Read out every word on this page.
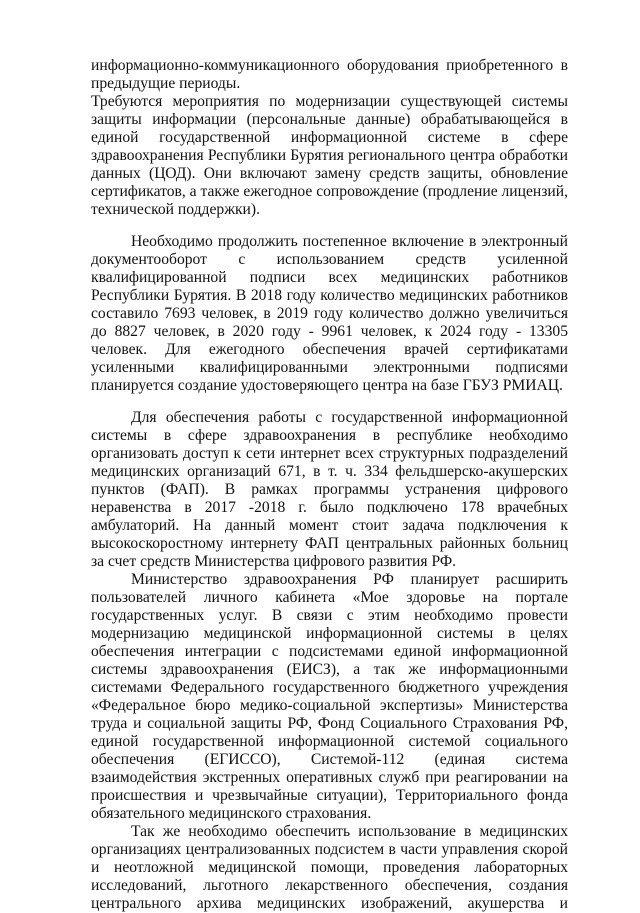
информационно-коммуникационного оборудования приобретенного в предыдущие периоды.

Требуются мероприятия по модернизации существующей системы защиты информации (персональные данные) обрабатывающейся в единой государственной информационной системе в сфере здравоохранения Республики Бурятия регионального центра обработки данных (ЦОД). Они включают замену средств защиты, обновление сертификатов, а также ежегодное сопровождение (продление лицензий, технической поддержки).

Необходимо продолжить постепенное включение в электронный документооборот с использованием средств усиленной квалифицированной подписи всех медицинских работников Республики Бурятия. В 2018 году количество медицинских работников составило 7693 человек, в 2019 году количество должно увеличиться до 8827 человек, в 2020 году - 9961 человек, к 2024 году - 13305 человек. Для ежегодного обеспечения врачей сертификатами усиленными квалифицированными электронными подписями планируется создание удостоверяющего центра на базе ГБУЗ РМИАЦ.

Для обеспечения работы с государственной информационной системы в сфере здравоохранения в республике необходимо организовать доступ к сети интернет всех структурных подразделений медицинских организаций 671, в т. ч. 334 фельдшерско-акушерских пунктов (ФАП). В рамках программы устранения цифрового неравенства в 2017 -2018 г. было подключено 178 врачебных амбулаторий. На данный момент стоит задача подключения к высокоскоростному интернету ФАП центральных районных больниц за счет средств Министерства цифрового развития РФ.

Министерство здравоохранения РФ планирует расширить пользователей личного кабинета «Мое здоровье на портале государственных услуг. В связи с этим необходимо провести модернизацию медицинской информационной системы в целях обеспечения интеграции с подсистемами единой информационной системы здравоохранения (ЕИСЗ), а так же информационными системами Федерального государственного бюджетного учреждения «Федеральное бюро медико-социальной экспертизы» Министерства труда и социальной защиты РФ, Фонд Социального Страхования РФ, единой государственной информационной системой социального обеспечения (ЕГИССО), Системой-112 (единая система взаимодействия экстренных оперативных служб при реагировании на происшествия и чрезвычайные ситуации), Территориального фонда обязательного медицинского страхования.

Так же необходимо обеспечить использование в медицинских организациях централизованных подсистем в части управления скорой и неотложной медицинской помощи, проведения лабораторных исследований, льготного лекарственного обеспечения, создания центрального архива медицинских изображений, акушерства и
